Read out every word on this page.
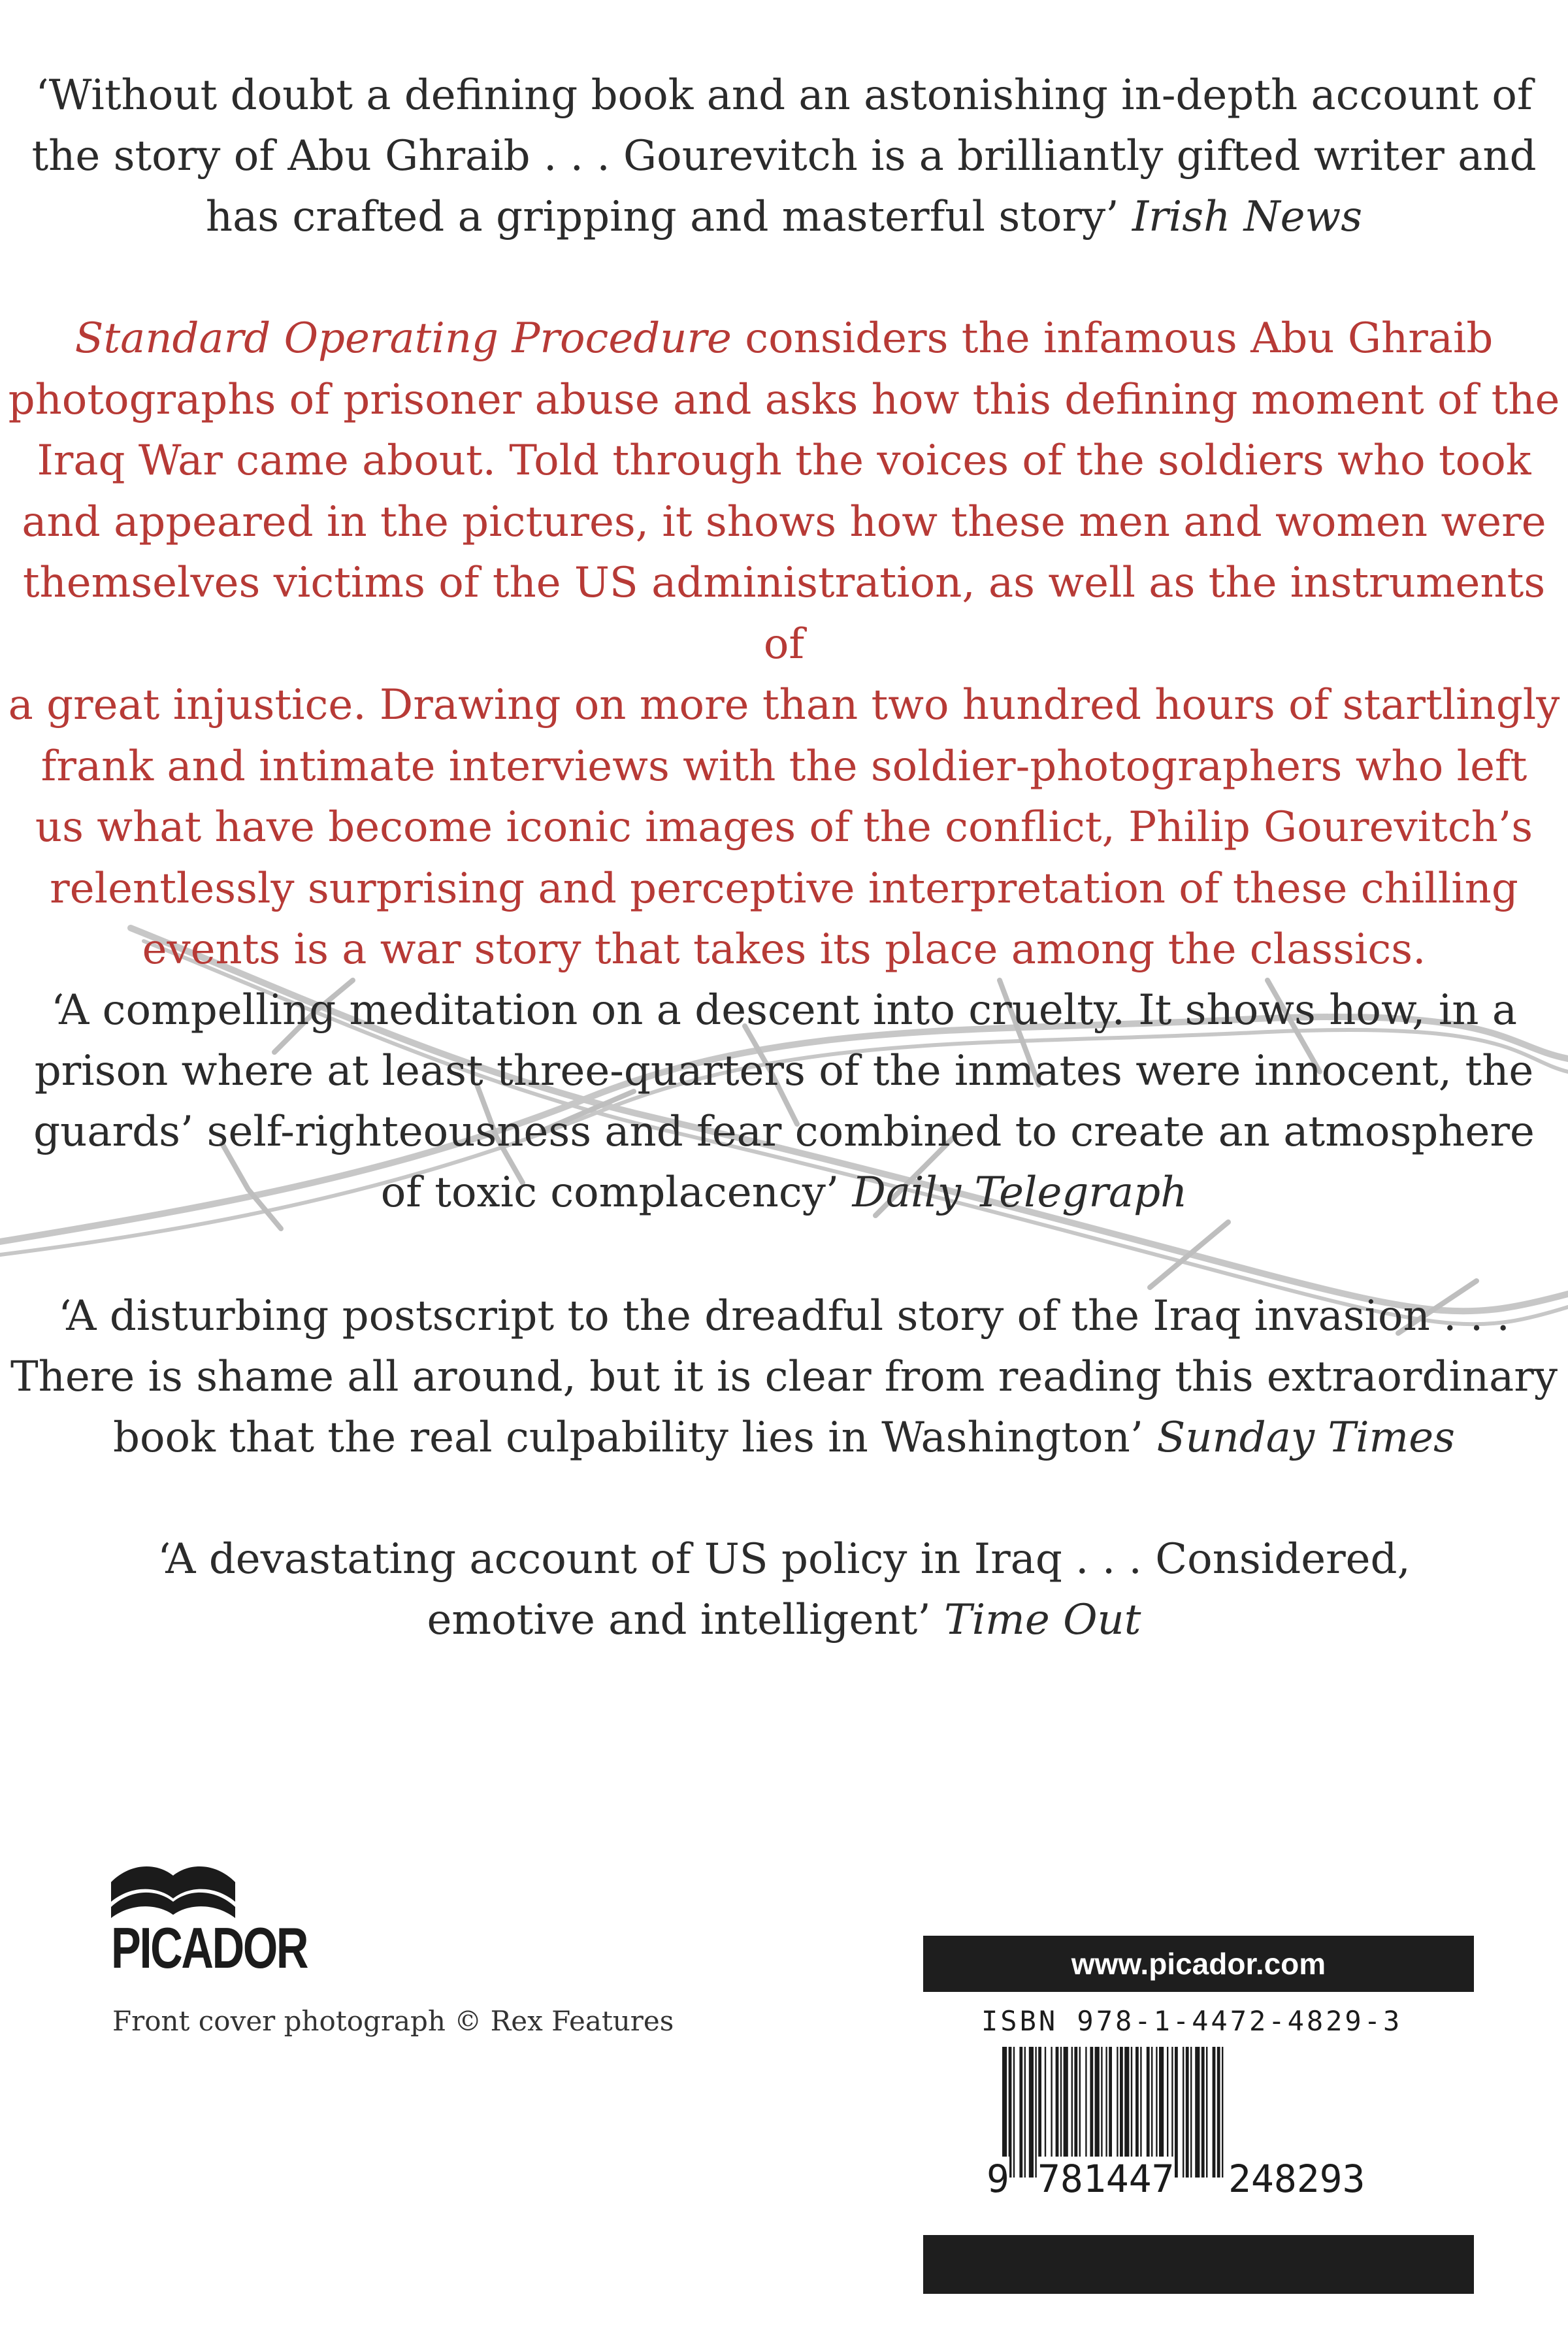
‘Without doubt a defining book and an astonishing in-depth account of

the story of Abu Ghraib . . . Gourevitch is a brilliantly gifted writer and

has crafted a gripping and masterful story’ Irish News

Standard Operating Procedure considers the infamous Abu Ghraib
photographs of prisoner abuse and asks how this defining moment of the
Iraq War came about. Told through the voices of the soldiers who took
and appeared in the pictures, it shows how these men and women were
themselves victims of the US administration, as well as the instruments of
a great injustice. Drawing on more than two hundred hours of startlingly
frank and intimate interviews with the soldier-photographers who left
us what have become iconic images of the conflict, Philip Gourevitch’s
relentlessly surprising and perceptive interpretation of these chilling
events is a war story that takes its place among the classics.

‘A compelling meditation on a descent into cruelty. It shows how, in a

prison where at least three-quarters of the inmates were innocent, the

guards’ self-righteousness and fear combined to create an atmosphere

of toxic complacency’ Daily Telegraph

‘A disturbing postscript to the dreadful story of the Iraq invasion . . .

There is shame all around, but it is clear from reading this extraordinary

book that the real culpability lies in Washington’ Sunday Times

‘A devastating account of US policy in Iraq . . . Considered,

emotive and intelligent’ Time Out

PICADOR
Front cover photograph © Rex Features
www.picador.com
ISBN 978-1-4472-4829-3
9 781447 248293
